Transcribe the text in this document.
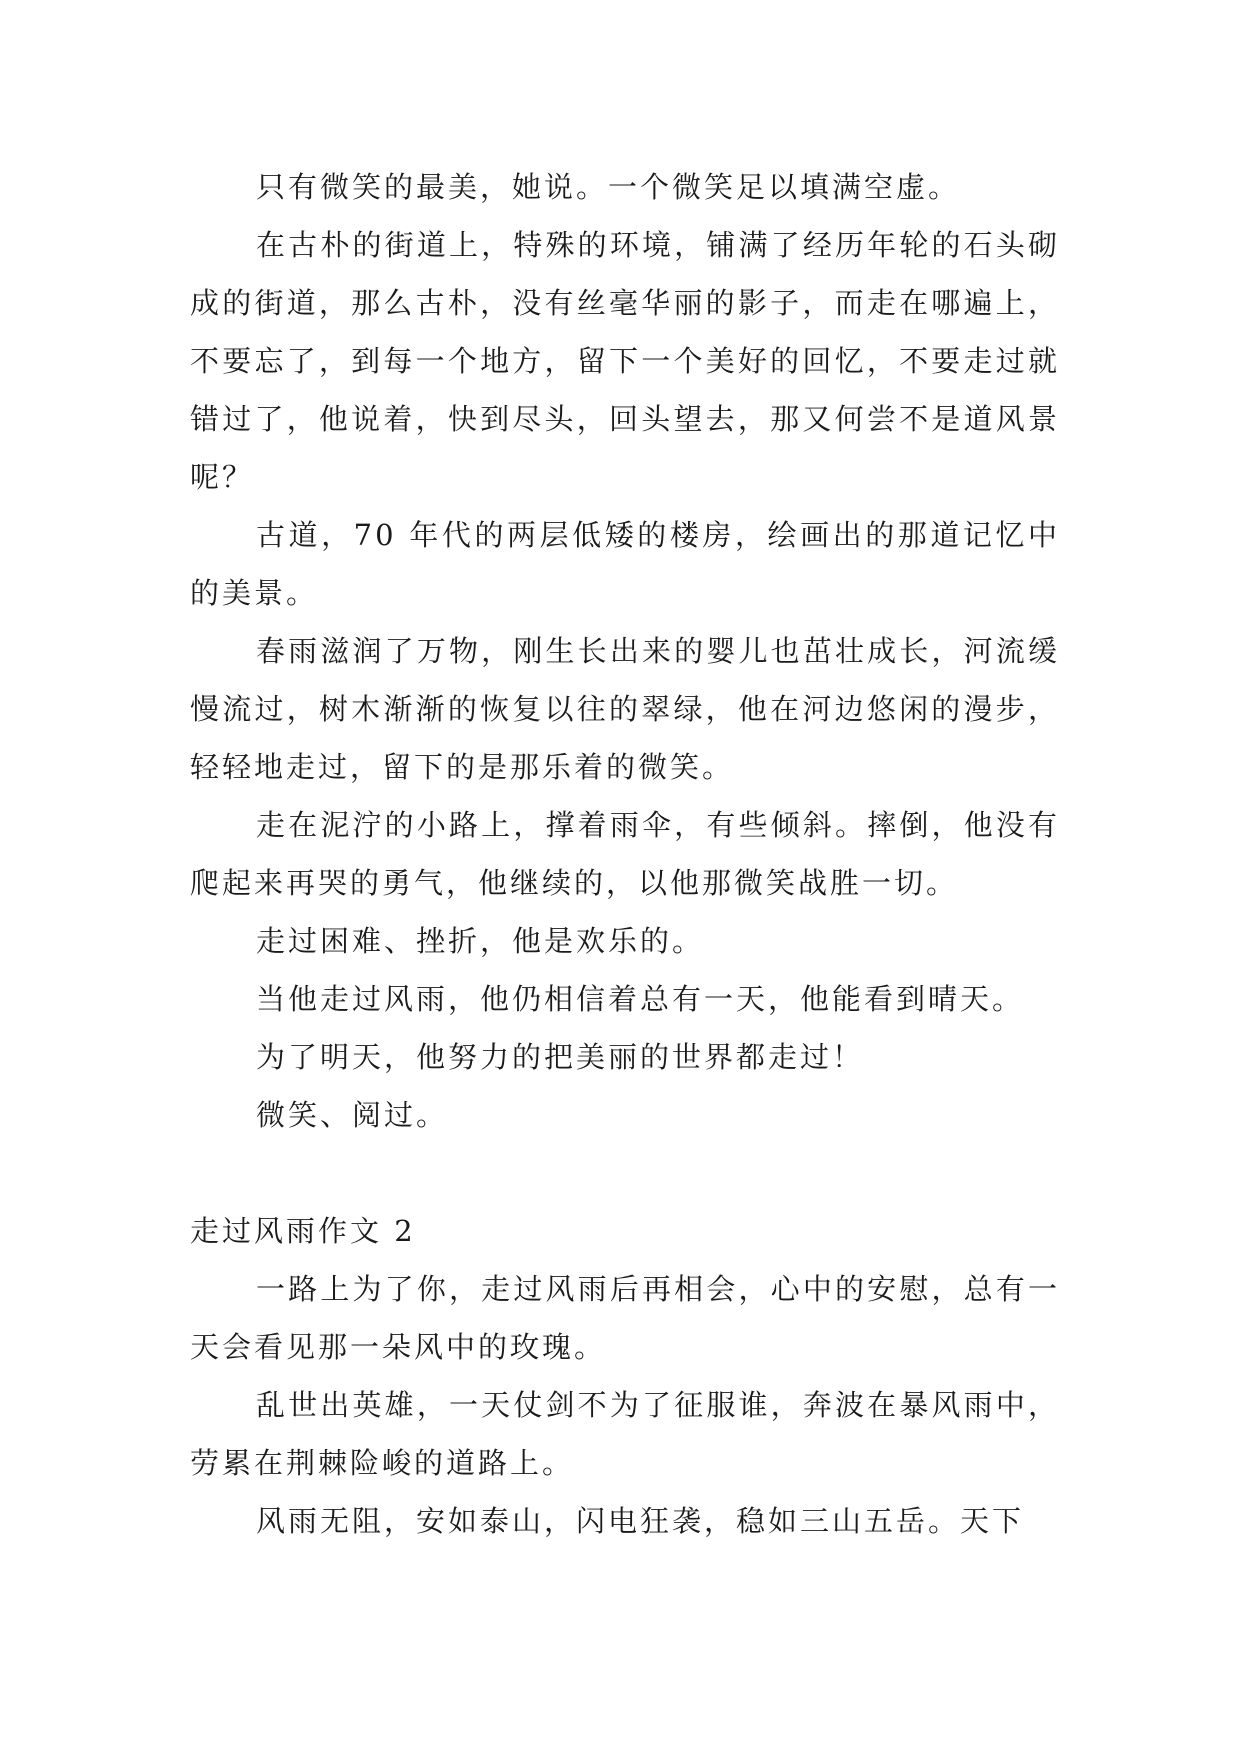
只有微笑的最美，她说。一个微笑足以填满空虚。

在古朴的街道上，特殊的环境，铺满了经历年轮的石头砌成的街道，那么古朴，没有丝毫华丽的影子，而走在哪遍上，不要忘了，到每一个地方，留下一个美好的回忆，不要走过就错过了，他说着，快到尽头，回头望去，那又何尝不是道风景呢？

古道，70 年代的两层低矮的楼房，绘画出的那道记忆中的美景。

春雨滋润了万物，刚生长出来的婴儿也茁壮成长，河流缓慢流过，树木渐渐的恢复以往的翠绿，他在河边悠闲的漫步，轻轻地走过，留下的是那乐着的微笑。

走在泥泞的小路上，撑着雨伞，有些倾斜。摔倒，他没有爬起来再哭的勇气，他继续的，以他那微笑战胜一切。

走过困难、挫折，他是欢乐的。

当他走过风雨，他仍相信着总有一天，他能看到晴天。

为了明天，他努力的把美丽的世界都走过！

微笑、阅过。

走过风雨作文 2

一路上为了你，走过风雨后再相会，心中的安慰，总有一天会看见那一朵风中的玫瑰。

乱世出英雄，一天仗剑不为了征服谁，奔波在暴风雨中，劳累在荆棘险峻的道路上。

风雨无阻，安如泰山，闪电狂袭，稳如三山五岳。天下
